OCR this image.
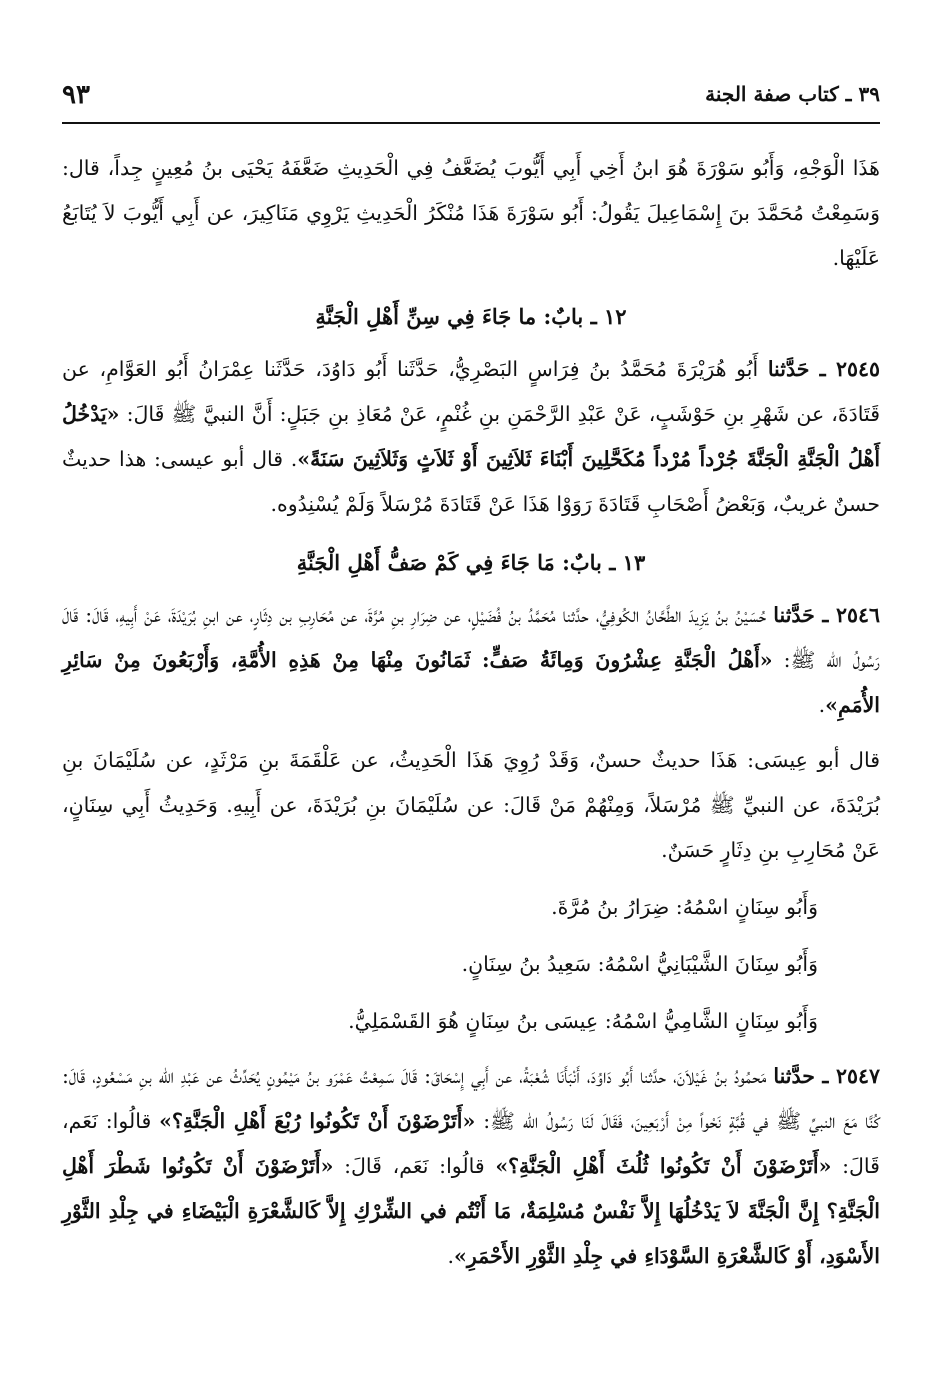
٣٩ ـ كتاب صفة الجنة
٩٣

هَذَا الْوَجْهِ، وَأَبُو سَوْرَةَ هُوَ ابنُ أَخِي أَبِي أَيُّوبَ يُضَعَّفُ فِي الْحَدِيثِ ضَعَّفَهُ يَحْيَى بنُ مُعِينٍ جِداً، قال: وَسَمِعْتُ مُحَمَّدَ بنَ إِسْمَاعِيلَ يَقُولُ: أَبُو سَوْرَةَ هَذَا مُنْكَرُ الْحَدِيثِ يَرْوِي مَنَاكِيرَ، عن أَبِي أَيُّوبَ لاَ يُتَابَعُ عَلَيْهَا.

١٢ ـ بابٌ: ما جَاءَ فِي سِنِّ أَهْلِ الْجَنَّةِ

٢٥٤٥ ـ حَدَّثنا أَبُو هُرَيْرَةَ مُحَمَّدُ بنُ فِرَاسٍ البَصْرِيُّ، حَدَّثَنا أَبُو دَاوُدَ، حَدَّثَنا عِمْرَانُ أَبُو العَوَّامِ، عن قَتَادَةَ، عن شَهْرِ بنِ حَوْشَبٍ، عَنْ عَبْدِ الرَّحْمَنِ بنِ غُنْمٍ، عَنْ مُعَاذِ بنِ جَبَلٍ: أَنَّ النبيَّ ﷺ قَالَ: «يَدْخُلُ أَهْلُ الْجَنَّةِ الْجَنَّةَ جُرْداً مُرْداً مُكَحَّلِينَ أَبْنَاءَ ثَلاَثِينَ أَوْ ثَلاَثٍ وَثَلاَثِينَ سَنَةً». قال أبو عيسى: هذا حديثٌ حسنٌ غريبٌ، وَبَعْضُ أَصْحَابِ قَتَادَةَ رَوَوْا هَذَا عَنْ قَتَادَةَ مُرْسَلاً وَلَمْ يُسْنِدُوه.

١٣ ـ بابٌ: مَا جَاءَ فِي كَمْ صَفُّ أَهْلِ الْجَنَّةِ

٢٥٤٦ ـ حَدَّثنا حُسَيْنُ بنُ يَزِيدَ الطَّحَّانُ الكُوفِيُّ، حدَّثنا مُحَمَّدُ بنُ فُضَيْلٍ، عن ضِرَارِ بنِ مُرَّةَ، عن مُحَارِبِ بن دِثَارٍ، عن ابنِ بُرَيْدَةَ، عَنْ أَبِيهِ، قَالَ: قَالَ رَسُولُ الله ﷺ: «أَهْلُ الْجَنَّةِ عِشْرُونَ وَمِائَةُ صَفٍّ: ثَمَانُونَ مِنْهَا مِنْ هَذِهِ الأُمَّةِ، وَأَرْبَعُونَ مِنْ سَائِرِ الأُمَمِ».

قال أبو عِيسَى: هَذَا حديثٌ حسنٌ، وَقَدْ رُوِيَ هَذَا الْحَدِيثُ، عن عَلْقَمَةَ بنِ مَرْثَدٍ، عن سُلَيْمَانَ بنِ بُرَيْدَةَ، عن النبيِّ ﷺ مُرْسَلاً، وَمِنْهُمْ مَنْ قَالَ: عن سُلَيْمَانَ بنِ بُرَيْدَةَ، عن أَبِيهِ. وَحَدِيثُ أَبِي سِنَانٍ، عَنْ مُحَارِبِ بنِ دِثَارٍ حَسَنٌ.

وَأَبُو سِنَانٍ اسْمُهُ: ضِرَارُ بنُ مُرَّةَ.

وَأَبُو سِنَانَ الشَّيْبَانِيُّ اسْمُهُ: سَعِيدُ بنُ سِنَانٍ.

وَأَبُو سِنَانٍ الشَّامِيُّ اسْمُهُ: عِيسَى بنُ سِنَانٍ هُوَ القَسْمَلِيُّ.

٢٥٤٧ ـ حدَّثنا مَحمُودُ بنُ غَيْلاَنَ، حدَّثنا أَبُو دَاوُدَ، أَنْبَأَنَا شُعْبَةُ، عن أَبِي إِسْحَاقَ: قَالَ سَمِعْتُ عَمْرَو بنُ مَيْمُونٍ يُحَدِّثُ عن عَبْدِ الله بنِ مَسْعُودٍ، قَالَ: كُنَّا مَعَ النبيِّ ﷺ في قُبَّةٍ نَحْواً مِنْ أَرْبَعِينَ، فَقَالَ لَنَا رَسُولُ الله ﷺ: «أَتَرْضَوْنَ أَنْ تَكُونُوا رُبْعَ أَهْلِ الْجَنَّةِ؟» قالُوا: نَعَم، قَالَ: «أَتَرْضَوْنَ أَنْ تَكُونُوا ثُلُثَ أَهْلِ الْجَنَّةِ؟» قالُوا: نَعَم، قَالَ: «أَتَرْضَوْنَ أَنْ تَكُونُوا شَطْرَ أَهْلِ الْجَنَّةِ؟ إِنَّ الْجَنَّةَ لاَ يَدْخُلُهَا إِلاَّ نَفْسٌ مُسْلِمَةٌ، مَا أَنْتُم في الشِّرْكِ إِلاَّ كَالشَّعْرَةِ الْبَيْضَاءِ في جِلْدِ الثَّوْرِ الأَسْوَدِ، أَوْ كَالشَّعْرَةِ السَّوْدَاءِ في جِلْدِ الثَّوْرِ الأَحْمَرِ».
